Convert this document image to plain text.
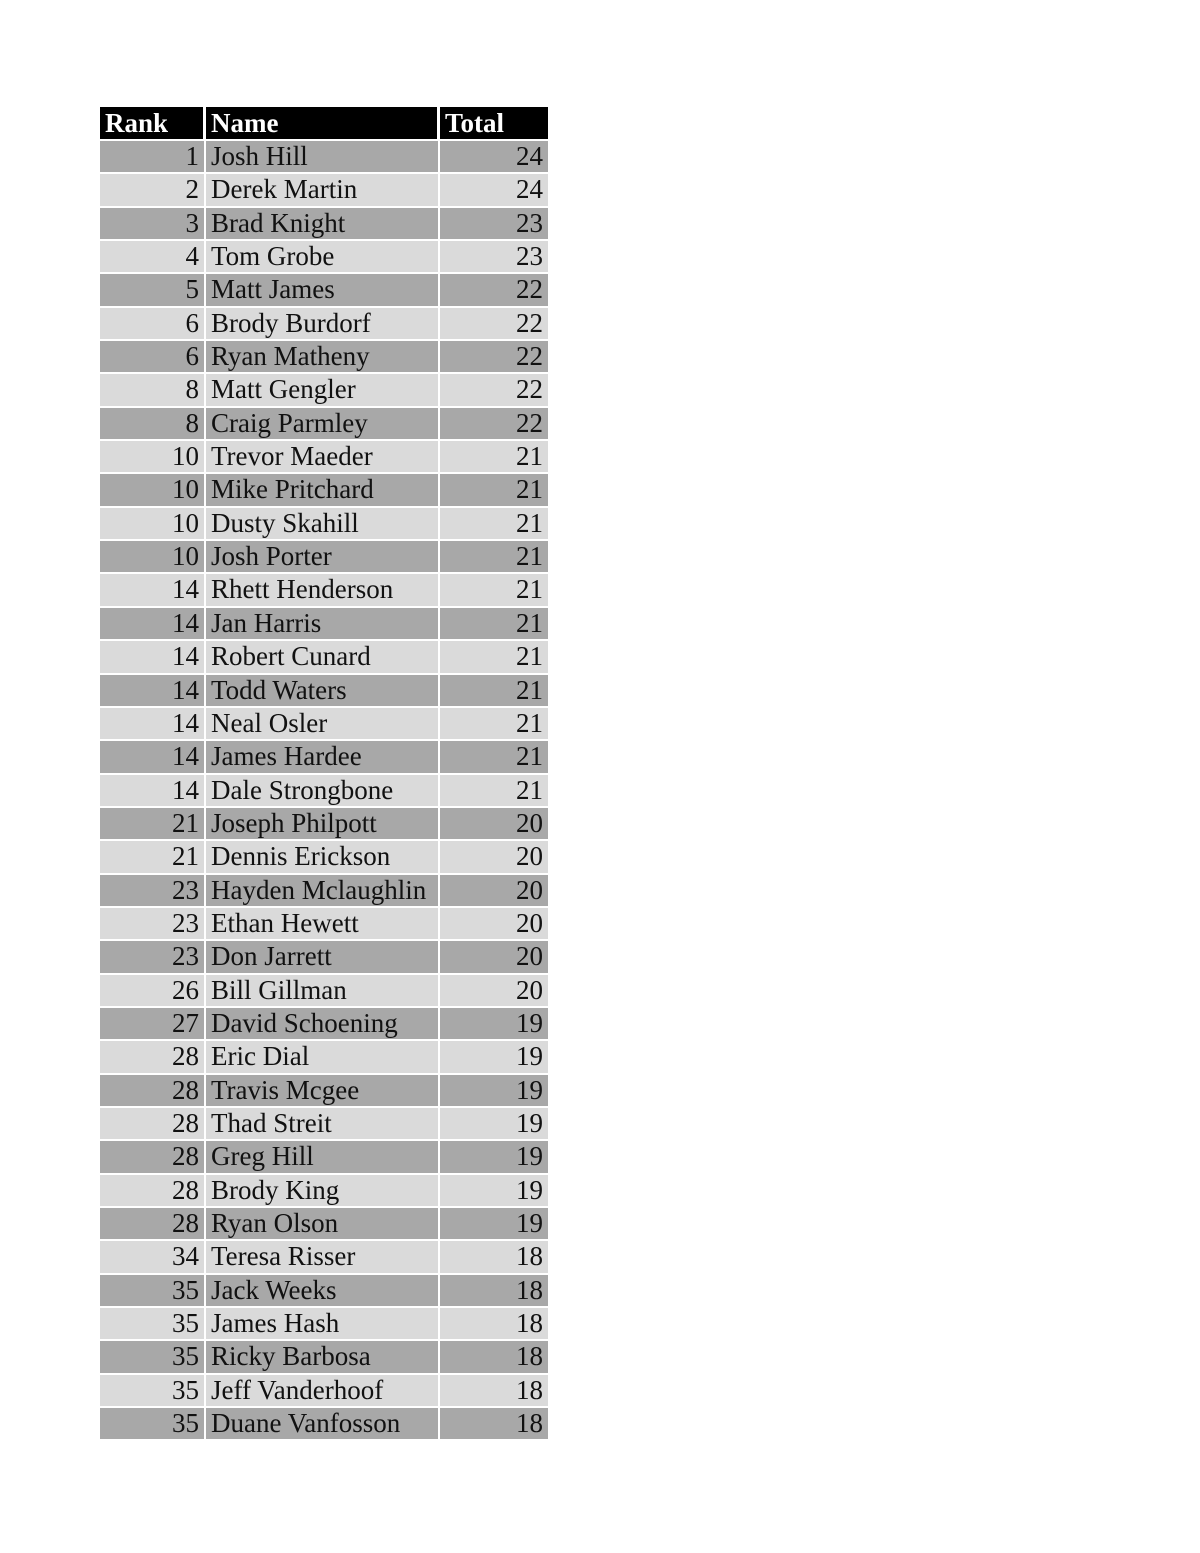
Rank	Name	Total
1 Josh Hill	24
2 Derek Martin	24
3 Brad Knight	23
4 Tom Grobe	23
5 Matt James	22
6 Brody Burdorf	22
6 Ryan Matheny	22
8 Matt Gengler	22
8 Craig Parmley	22
10 Trevor Maeder	21
10 Mike Pritchard	21
10 Dusty Skahill	21
10 Josh Porter	21
14 Rhett Henderson	21
14 Jan Harris	21
14 Robert Cunard	21
14 Todd Waters	21
14 Neal Osler	21
14 James Hardee	21
14 Dale Strongbone	21
21 Joseph Philpott	20
21 Dennis Erickson	20
23 Hayden Mclaughlin	20
23 Ethan Hewett	20
23 Don Jarrett	20
26 Bill Gillman	20
27 David Schoening	19
28 Eric Dial	19
28 Travis Mcgee	19
28 Thad Streit	19
28 Greg Hill	19
28 Brody King	19
28 Ryan Olson	19
34 Teresa Risser	18
35 Jack Weeks	18
35 James Hash	18
35 Ricky Barbosa	18
35 Jeff Vanderhoof	18
35 Duane Vanfosson	18
